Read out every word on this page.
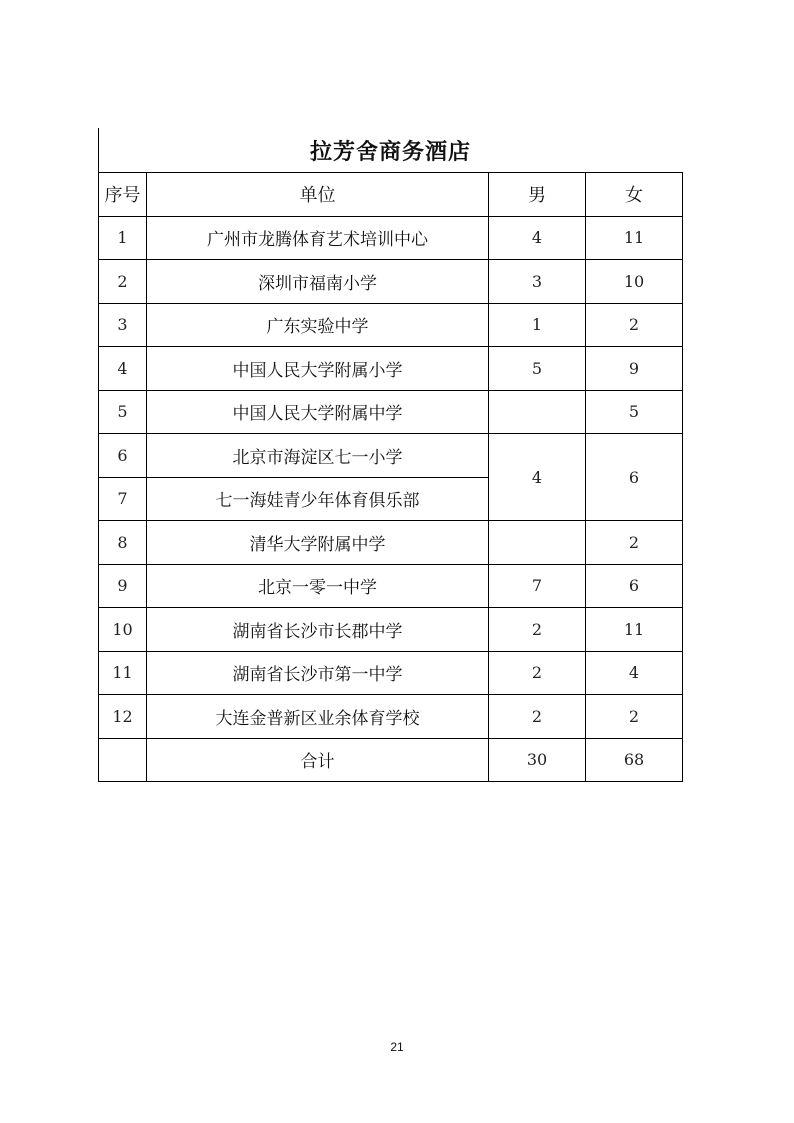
拉芳舍商务酒店
序号	单位	男	女
1	广州市龙腾体育艺术培训中心	4	11
2	深圳市福南小学	3	10
3	广东实验中学	1	2
4	中国人民大学附属小学	5	9
5	中国人民大学附属中学		5
6	北京市海淀区七一小学	4	6
7	七一海娃青少年体育俱乐部		
8	清华大学附属中学		2
9	北京一零一中学	7	6
10	湖南省长沙市长郡中学	2	11
11	湖南省长沙市第一中学	2	4
12	大连金普新区业余体育学校	2	2
	合计	30	68
21
